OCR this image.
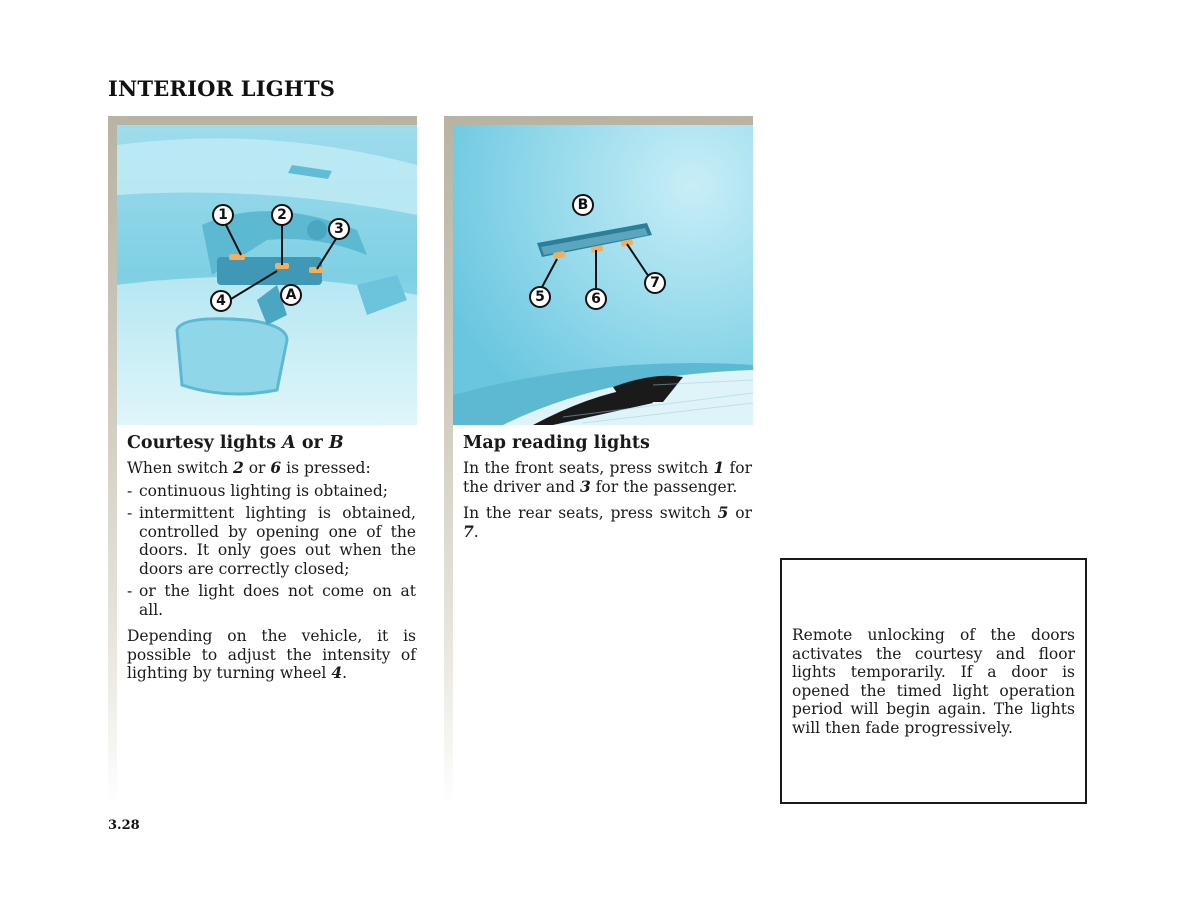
INTERIOR LIGHTS
1	2
3
4	A
Courtesy lights A or B

When switch 2 or 6 is pressed:

- continuous lighting is obtained;
- intermittent lighting is obtained, controlled by opening one of the doors. It only goes out when the doors are correctly closed;
- or the light does not come on at all.

Depending on the vehicle, it is possible to adjust the intensity of lighting by turning wheel 4.

B
5	6
7
Map reading lights

In the front seats, press switch 1 for the driver and 3 for the passenger.

In the rear seats, press switch 5 or 7.

Remote unlocking of the doors activates the courtesy and floor lights temporarily. If a door is opened the timed light operation period will begin again. The lights will then fade progressively.
3.28
